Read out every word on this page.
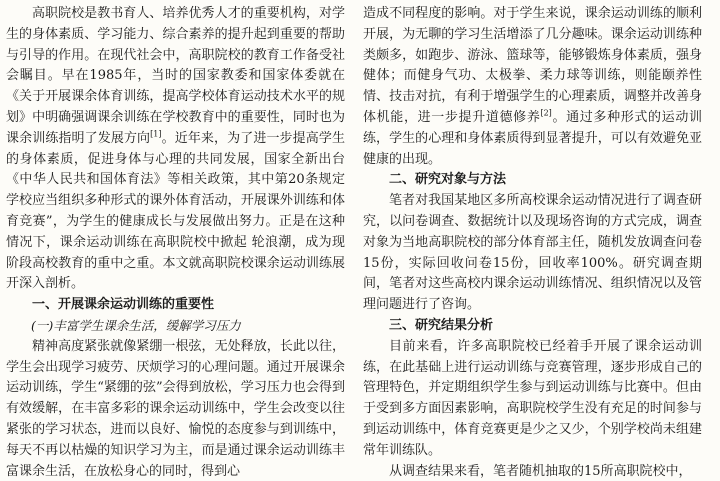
高职院校是教书育人、培养优秀人才的重要机构，对学生的身体素质、学习能力、综合素养的提升起到重要的帮助与引导的作用。在现代社会中，高职院校的教育工作备受社会瞩目。早在1985年，当时的国家教委和国家体委就在《关于开展课余体育训练，提高学校体育运动技术水平的规划》中明确强调课余训练在学校教育中的重要性，同时也为课余训练指明了发展方向[1]。近年来，为了进一步提高学生的身体素质，促进身体与心理的共同发展，国家全新出台《中华人民共和国体育法》等相关政策，其中第20条规定 学校应当组织多种形式的课外体育活动，开展课外训练和体育竞赛”，为学生的健康成长与发展做出努力。正是在这种情况下，课余运动训练在高职院校中掀起 轮浪潮，成为现阶段高校教育的重中之重。本文就高职院校课余运动训练展开深入剖析。

一、开展课余运动训练的重要性
(一)丰富学生课余生活，缓解学习压力

精神高度紧张就像紧绷一根弦，无处释放，长此以往，学生会出现学习疲劳、厌烦学习的心理问题。通过开展课余运动训练，学生“紧绷的弦”会得到放松，学习压力也会得到有效缓解，在丰富多彩的课余运动训练中，学生会改变以往紧张的学习状态，进而以良好、愉悦的态度参与到训练中，每天不再以枯燥的知识学习为主，而是通过课余运动训练丰富课余生活，在放松身心的同时，得到心

造成不同程度的影响。对于学生来说，课余运动训练的顺利开展，为无聊的学习生活增添了几分趣味。课余运动训练种类颇多，如跑步、游泳、篮球等，能够锻炼身体素质，强身健体；而健身气功、太极拳、柔力球等训练，则能颐养性情、技击对抗，有利于增强学生的心理素质，调整并改善身体机能，进一步提升道德修养[2]。通过多种形式的运动训练，学生的心理和身体素质得到显著提升，可以有效避免亚健康的出现。

二、研究对象与方法

笔者对我国某地区多所高校课余运动情况进行了调查研究，以问卷调查、数据统计以及现场咨询的方式完成，调查对象为当地高职院校的部分体育部主任，随机发放调查问卷15份，实际回收问卷15份，回收率100%。研究调查期间，笔者对这些高校内课余运动训练情况、组织情况以及管理问题进行了咨询。

三、研究结果分析

目前来看，许多高职院校已经着手开展了课余运动训练，在此基础上进行运动训练与竞赛管理，逐步形成自己的管理特色，并定期组织学生参与到运动训练与比赛中。但由于受到多方面因素影响，高职院校学生没有充足的时间参与到运动训练中，体育竞赛更是少之又少，个别学校尚未组建常年训练队。

从调查结果来看，笔者随机抽取的15所高职院校中，
